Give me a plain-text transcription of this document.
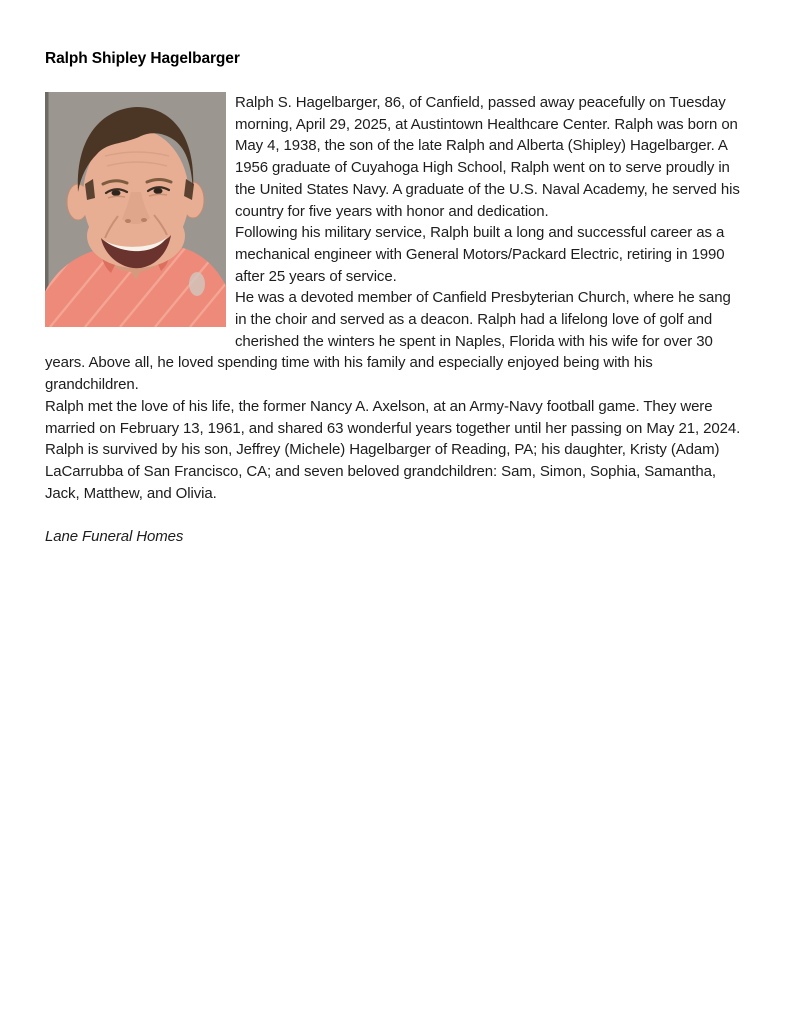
Ralph Shipley Hagelbarger

Ralph S. Hagelbarger, 86, of Canfield, passed away peacefully on Tuesday morning, April 29, 2025, at Austintown Healthcare Center. Ralph was born on May 4, 1938, the son of the late Ralph and Alberta (Shipley) Hagelbarger. A 1956 graduate of Cuyahoga High School, Ralph went on to serve proudly in the United States Navy. A graduate of the U.S. Naval Academy, he served his country for five years with honor and dedication.

Following his military service, Ralph built a long and successful career as a mechanical engineer with General Motors/Packard Electric, retiring in 1990 after 25 years of service.

He was a devoted member of Canfield Presbyterian Church, where he sang in the choir and served as a deacon. Ralph had a lifelong love of golf and cherished the winters he spent in Naples, Florida with his wife for over 30 years. Above all, he loved spending time with his family and especially enjoyed being with his grandchildren.

Ralph met the love of his life, the former Nancy A. Axelson, at an Army-Navy football game. They were married on February 13, 1961, and shared 63 wonderful years together until her passing on May 21, 2024.

Ralph is survived by his son, Jeffrey (Michele) Hagelbarger of Reading, PA; his daughter, Kristy (Adam) LaCarrubba of San Francisco, CA; and seven beloved grandchildren: Sam, Simon, Sophia, Samantha, Jack, Matthew, and Olivia.

Lane Funeral Homes
